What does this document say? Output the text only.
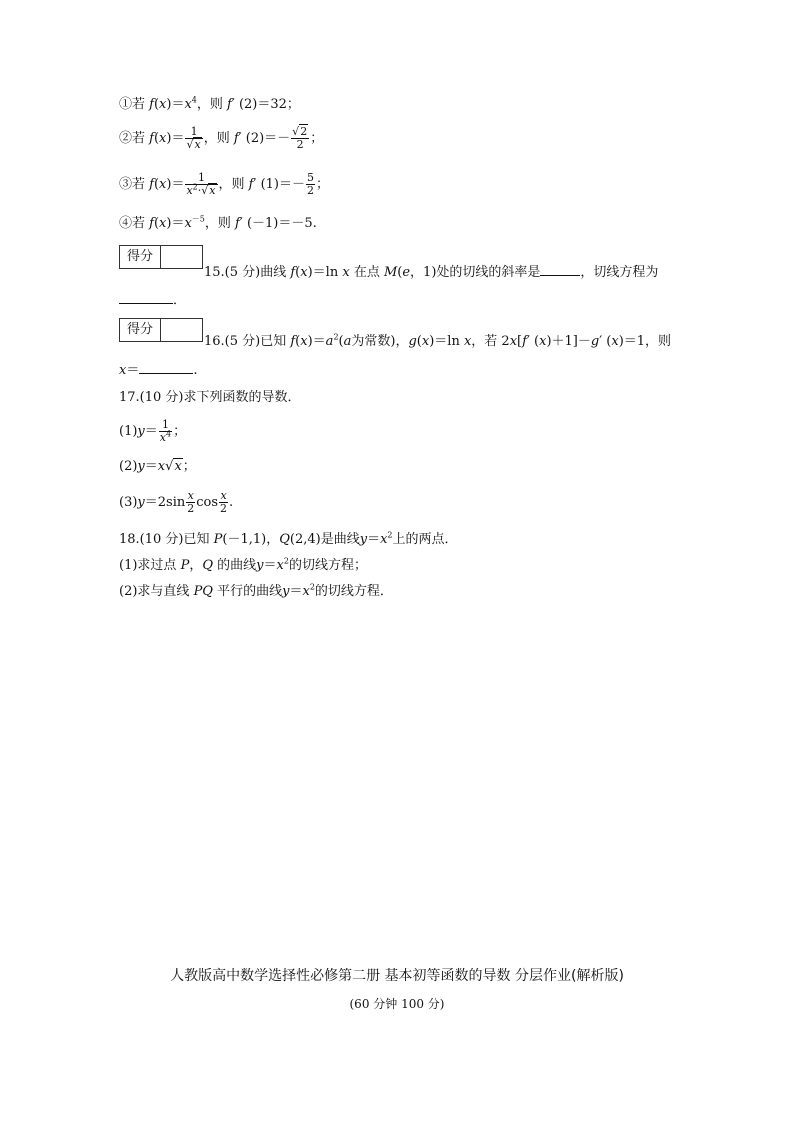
①若 $f(x)=x^4$，则 f′ (2)＝32；
②若 $f(x)= \frac{1}{√x}$ ，则 f′ $(2)=- \frac{√2}{2}$ ；
③若 $f(x)= \frac{1}{x^2\cdot√x}$ ，则 f′ $(1)=- \frac{5}{2}$ ；
④若 $f(x)=x^{-5}$，则 f′ (－1)＝－5.
得分
15.(5 分)曲线 f(x)＝ln x 在点 M(e，1)处的切线的斜率是	，切线方程为
．
得分
16.(5 分)已知 $f(x)=a^2(a$为常数)，g(x)＝ln x，若 2x[f′ (x)＋1]－g′ (x)＝1，则
x＝	.
17.(10 分)求下列函数的导数．
$(1)y= \frac{1}{x^4}$ ；
(2)y＝x√x；
$(3)y=2\sin \frac{x}{2}$ $\cos \frac{x}{2}$ .
18.(10 分)已知 P(－1,1)，Q(2,4)是曲线$y=x^2$上的两点．
(1)求过点 P，Q 的曲线$y=x^2$的切线方程；
(2)求与直线 PQ 平行的曲线$y=x^2$的切线方程．
人教版高中数学选择性必修第二册 基本初等函数的导数 分层作业(解析版)
(60 分钟 100 分)
